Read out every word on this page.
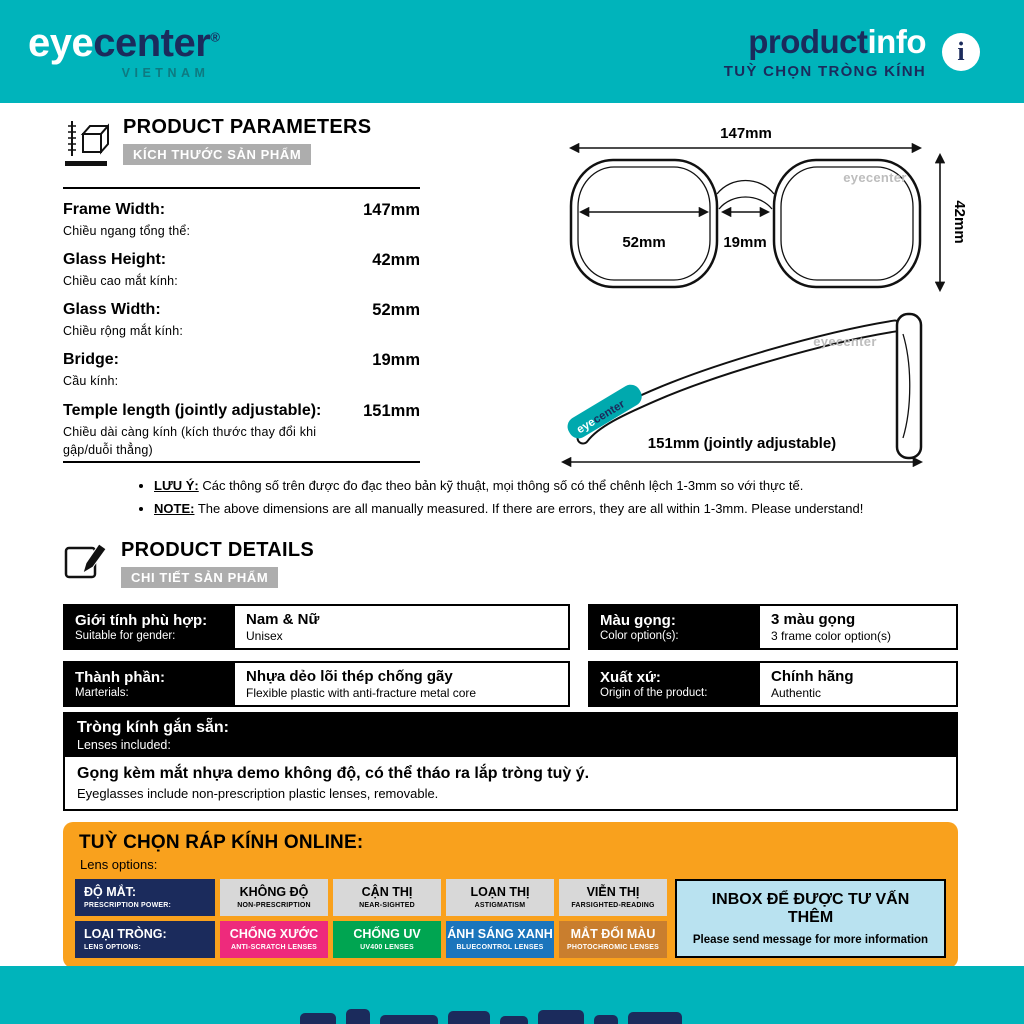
eyecenter®
VIETNAM
productinfo
TUỲ CHỌN TRÒNG KÍNH
i
PRODUCT PARAMETERS
KÍCH THƯỚC SẢN PHẨM
Frame Width:
Chiều ngang tổng thể:
147mm
Glass Height:
Chiều cao mắt kính:
42mm
Glass Width:
Chiều rộng mắt kính:
52mm
Bridge:
Cầu kính:
19mm
Temple length (jointly adjustable):
Chiều dài càng kính (kích thước thay đổi khi gập/duỗi thẳng)
151mm
147mm
52mm	19mm	42mm
eyecenter
eyecenter
eyecenter
151mm (jointly adjustable)
• LƯU Ý: Các thông số trên được đo đạc theo bản kỹ thuật, mọi thông số có thể chênh lệch 1-3mm so với thực tế.
• NOTE: The above dimensions are all manually measured. If there are errors, they are all within 1-3mm. Please understand!
PRODUCT DETAILS
CHI TIẾT SẢN PHẨM
Giới tính phù hợp:
Suitable for gender:
Nam & Nữ
Unisex
Màu gọng:
Color option(s):
3 màu gọng
3 frame color option(s)
Thành phần:
Marterials:
Nhựa dẻo lõi thép chống gãy
Flexible plastic with anti-fracture metal core
Xuất xứ:
Origin of the product:
Chính hãng
Authentic
Tròng kính gắn sẵn:
Lenses included:
Gọng kèm mắt nhựa demo không độ, có thể tháo ra lắp tròng tuỳ ý.
Eyeglasses include non-prescription plastic lenses, removable.
TUỲ CHỌN RÁP KÍNH ONLINE:
Lens options:
ĐỘ MẮT:
PRESCRIPTION POWER:
KHÔNG ĐỘ
NON-PRESCRIPTION
CẬN THỊ
NEAR-SIGHTED
LOẠN THỊ
ASTIGMATISM
VIỄN THỊ
FARSIGHTED-READING
LOẠI TRÒNG:
LENS OPTIONS:
CHỐNG XƯỚC
ANTI-SCRATCH LENSES
CHỐNG UV
UV400 LENSES
ÁNH SÁNG XANH
BLUECONTROL LENSES
MẮT ĐỔI MÀU
PHOTOCHROMIC LENSES
INBOX ĐỂ ĐƯỢC TƯ VẤN THÊM
Please send message for more information
